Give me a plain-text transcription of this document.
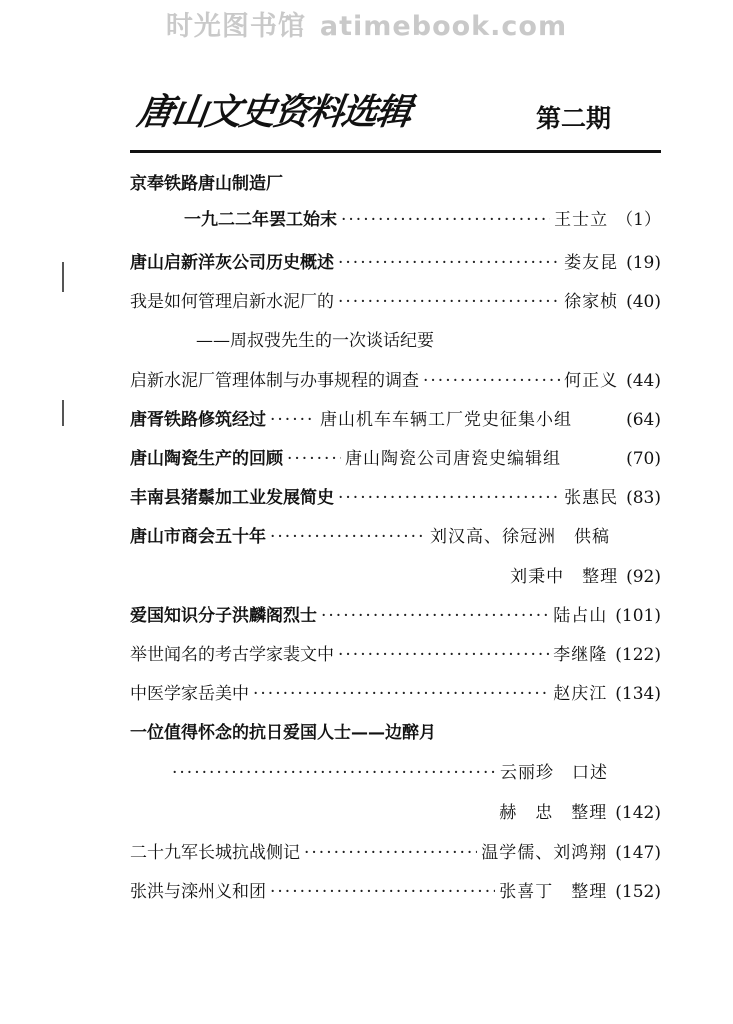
时光图书馆 atimebook.com
唐山文史资料选辑	第二期
京奉铁路唐山制造厂
一九二二年罢工始末 ·····	王士立 （1）
唐山启新洋灰公司历史概述 ·····	娄友昆 (19)
我是如何管理启新水泥厂的 ·····	徐家桢 (40)
——周叔弢先生的一次谈话纪要
启新水泥厂管理体制与办事规程的调查 ·····	何正义 (44)
唐胥铁路修筑经过 ·····	唐山机车车辆工厂党史征集小组	(64)
唐山陶瓷生产的回顾 ·····	唐山陶瓷公司唐瓷史编辑组	(70)
丰南县猪鬃加工业发展简史 ·····	张惠民 (83)
唐山市商会五十年 ·····	刘汉高、徐冠洲　供稿
刘秉中　整理 (92)
爱国知识分子洪麟阁烈士 ·····	陆占山 (101)
举世闻名的考古学家裴文中 ·····	李继隆 (122)
中医学家岳美中 ·····	赵庆江 (134)
一位值得怀念的抗日爱国人士——边醉月
·····
云丽珍　口述
赫　忠　整理 (142)
二十九军长城抗战侧记 ·····	温学儒、刘鸿翔 (147)
张洪与滦州义和团 ·····	张喜丁　整理 (152)
